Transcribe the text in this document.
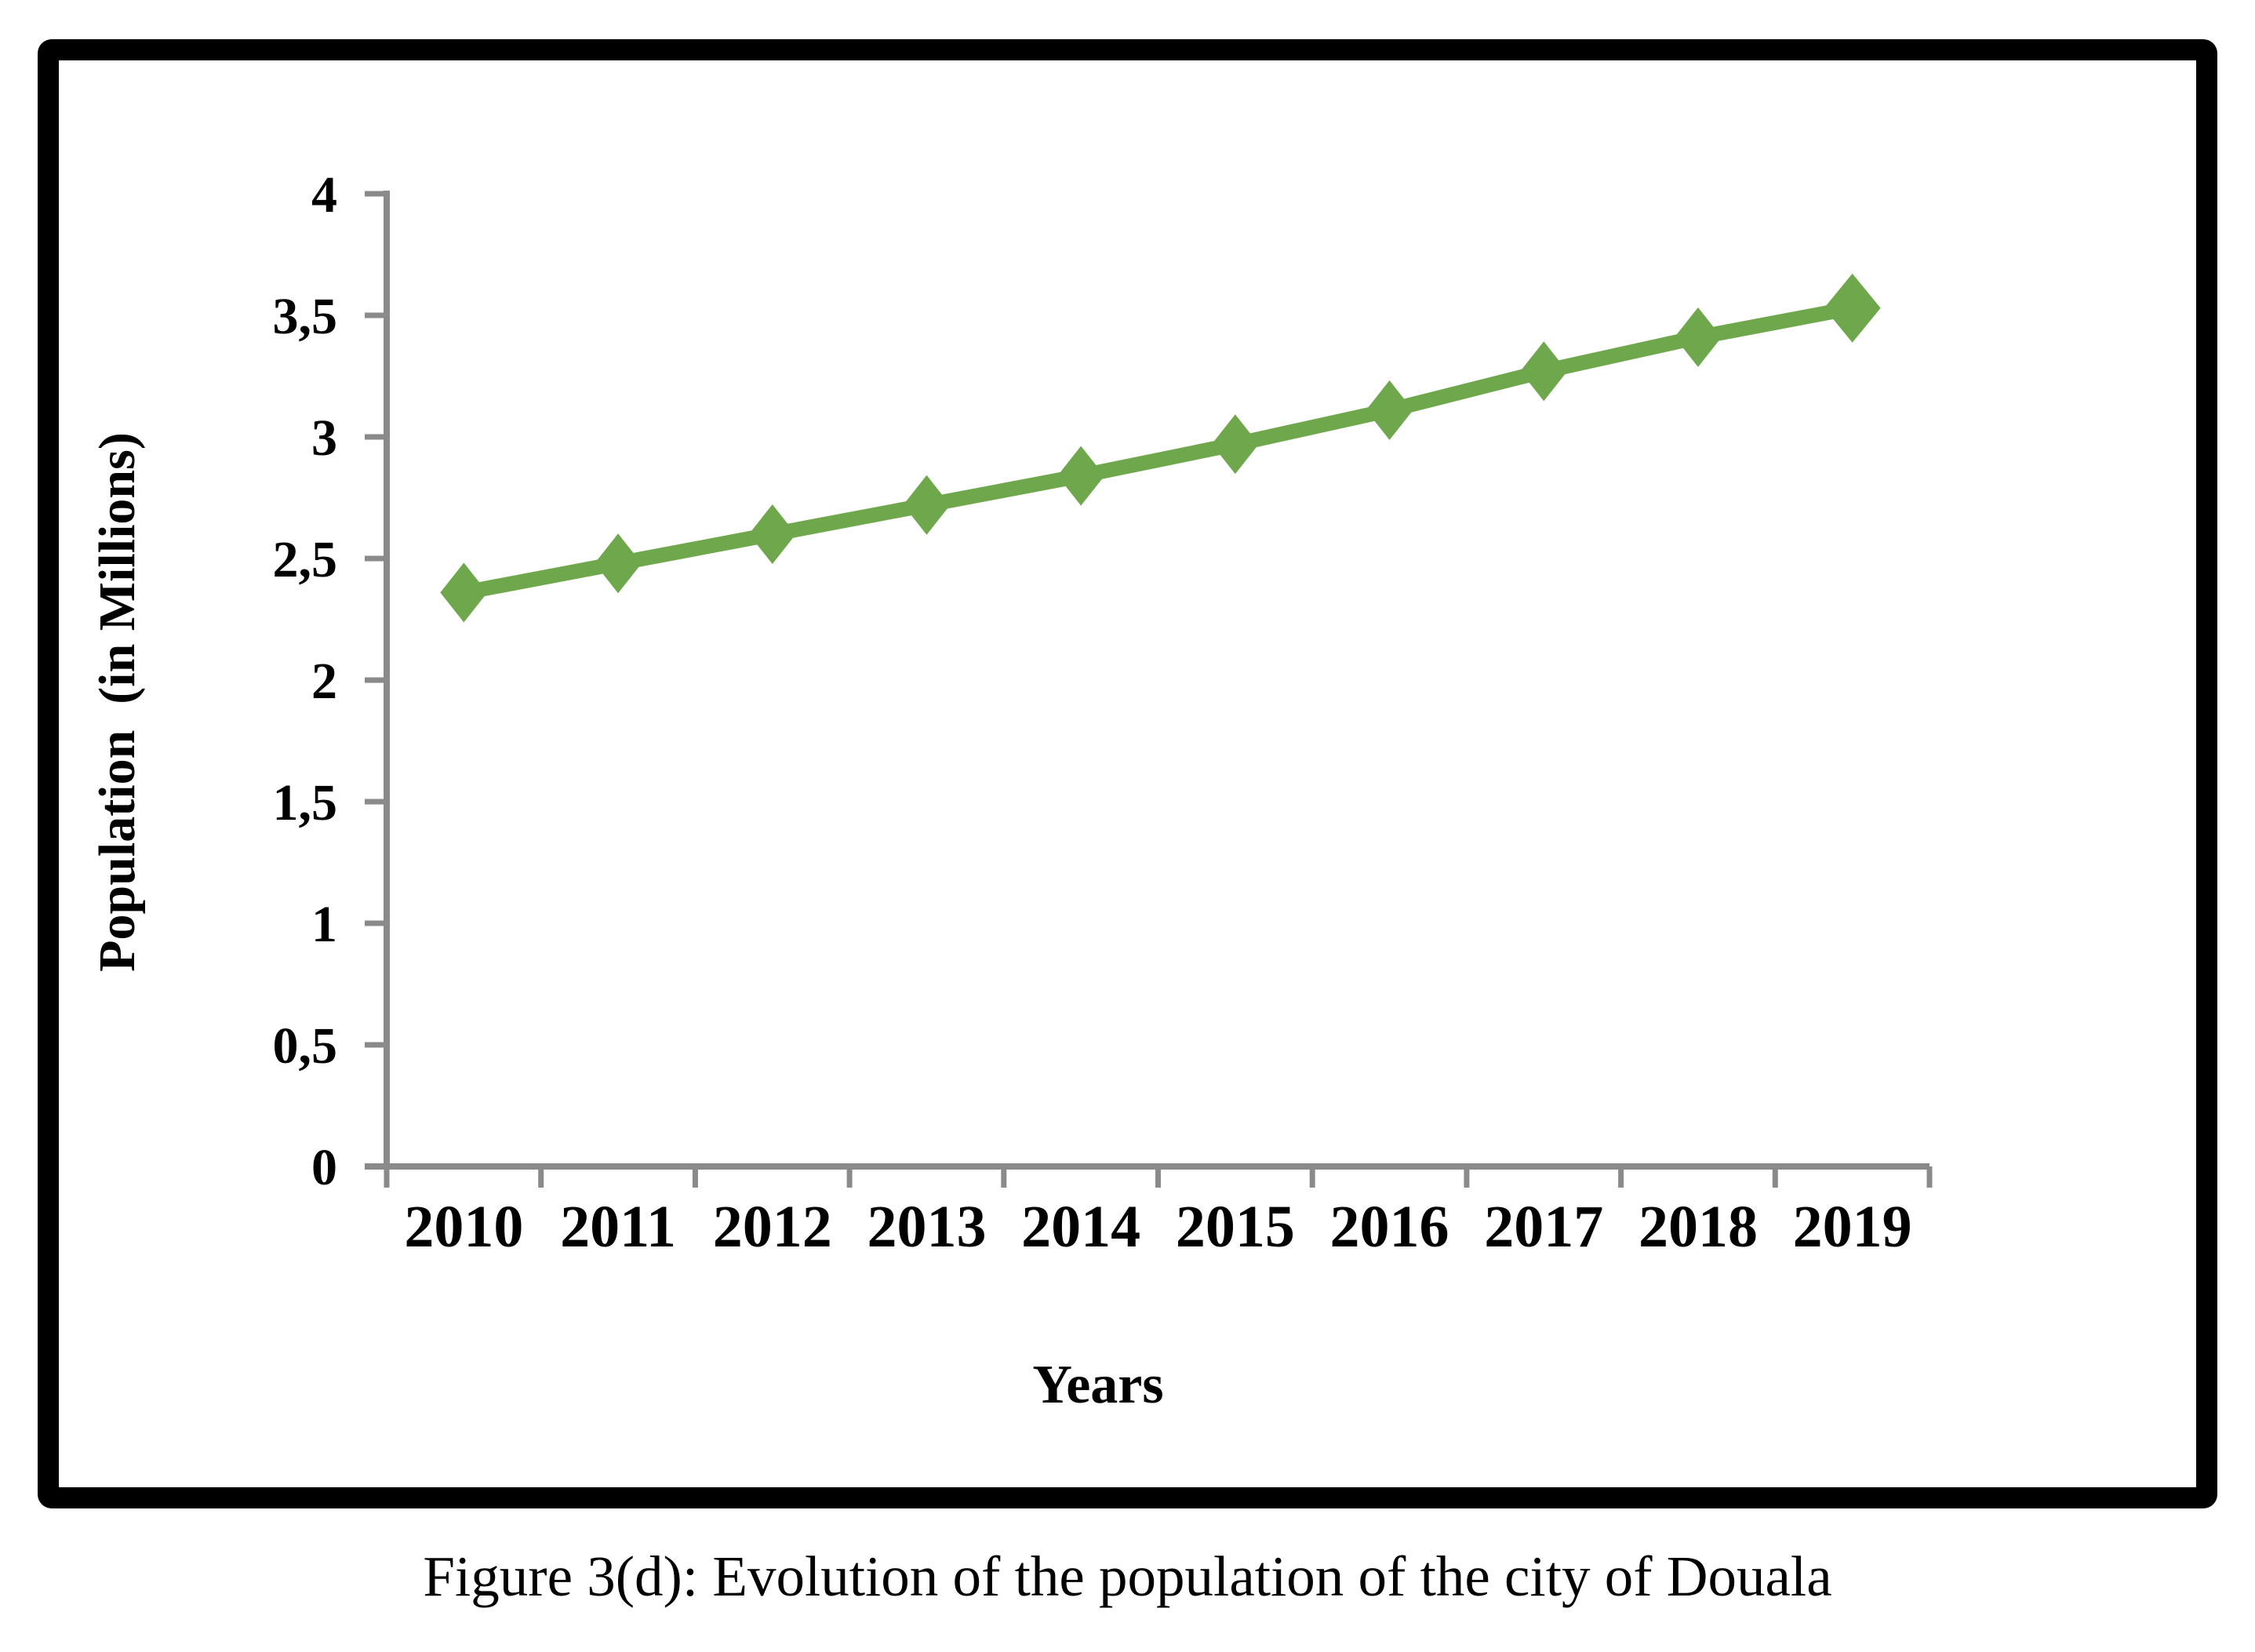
0
0,5
1
1,5
2
2,5
3
3,5
4
2010 2011 2012 2013 2014 2015 2016 2017 2018 2019
Population  (in Millions)
Years
Figure 3(d): Evolution of the population of the city of Douala
